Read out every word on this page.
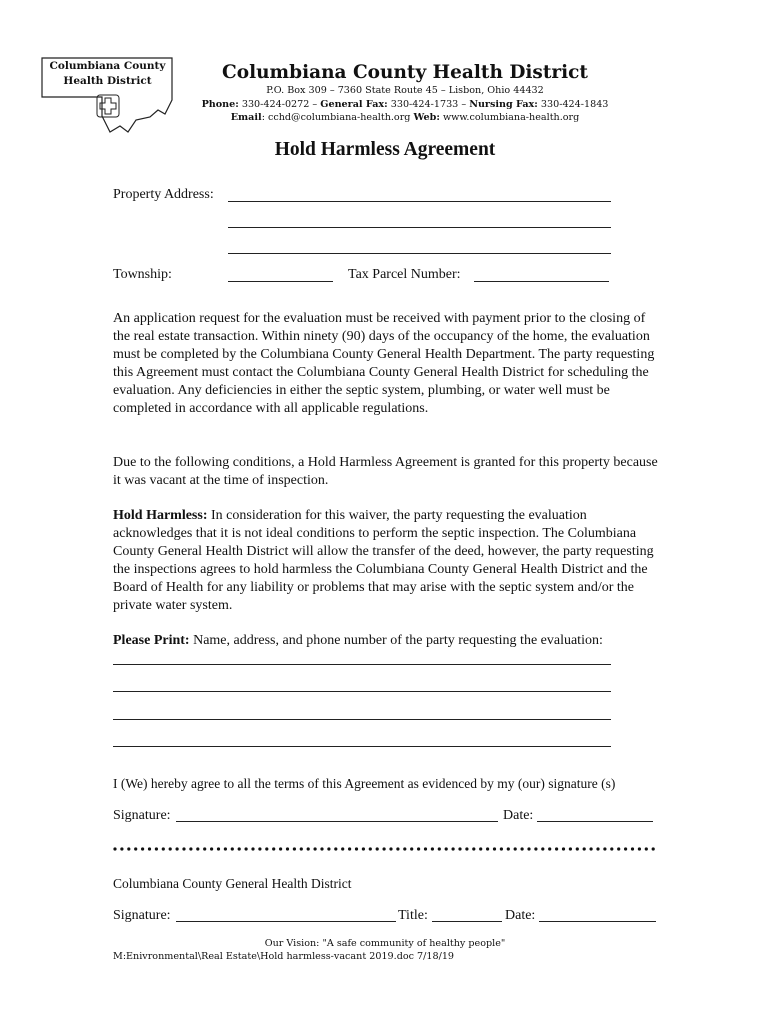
Columbiana County
Health District	Columbiana County Health District
P.O. Box 309 – 7360 State Route 45 – Lisbon, Ohio 44432
Phone: 330-424-0272 – General Fax: 330-424-1733 – Nursing Fax: 330-424-1843
Email: cchd@columbiana-health.org Web: www.columbiana-health.org
Hold Harmless Agreement
Property Address:
Township:	Tax Parcel Number:
An application request for the evaluation must be received with payment prior to the closing of the real estate transaction. Within ninety (90) days of the occupancy of the home, the evaluation must be completed by the Columbiana County General Health Department. The party requesting this Agreement must contact the Columbiana County General Health District for scheduling the evaluation. Any deficiencies in either the septic system, plumbing, or water well must be completed in accordance with all applicable regulations.
Due to the following conditions, a Hold Harmless Agreement is granted for this property because it was vacant at the time of inspection.
Hold Harmless: In consideration for this waiver, the party requesting the evaluation acknowledges that it is not ideal conditions to perform the septic inspection. The Columbiana County General Health District will allow the transfer of the deed, however, the party requesting the inspections agrees to hold harmless the Columbiana County General Health District and the Board of Health for any liability or problems that may arise with the septic system and/or the private water system.
Please Print: Name, address, and phone number of the party requesting the evaluation:
I (We) hereby agree to all the terms of this Agreement as evidenced by my (our) signature (s)
Signature:	Date:
Columbiana County General Health District
Signature:	Title:	Date:
Our Vision: "A safe community of healthy people"
M:Enivronmental\Real Estate\Hold harmless-vacant 2019.doc 7/18/19
